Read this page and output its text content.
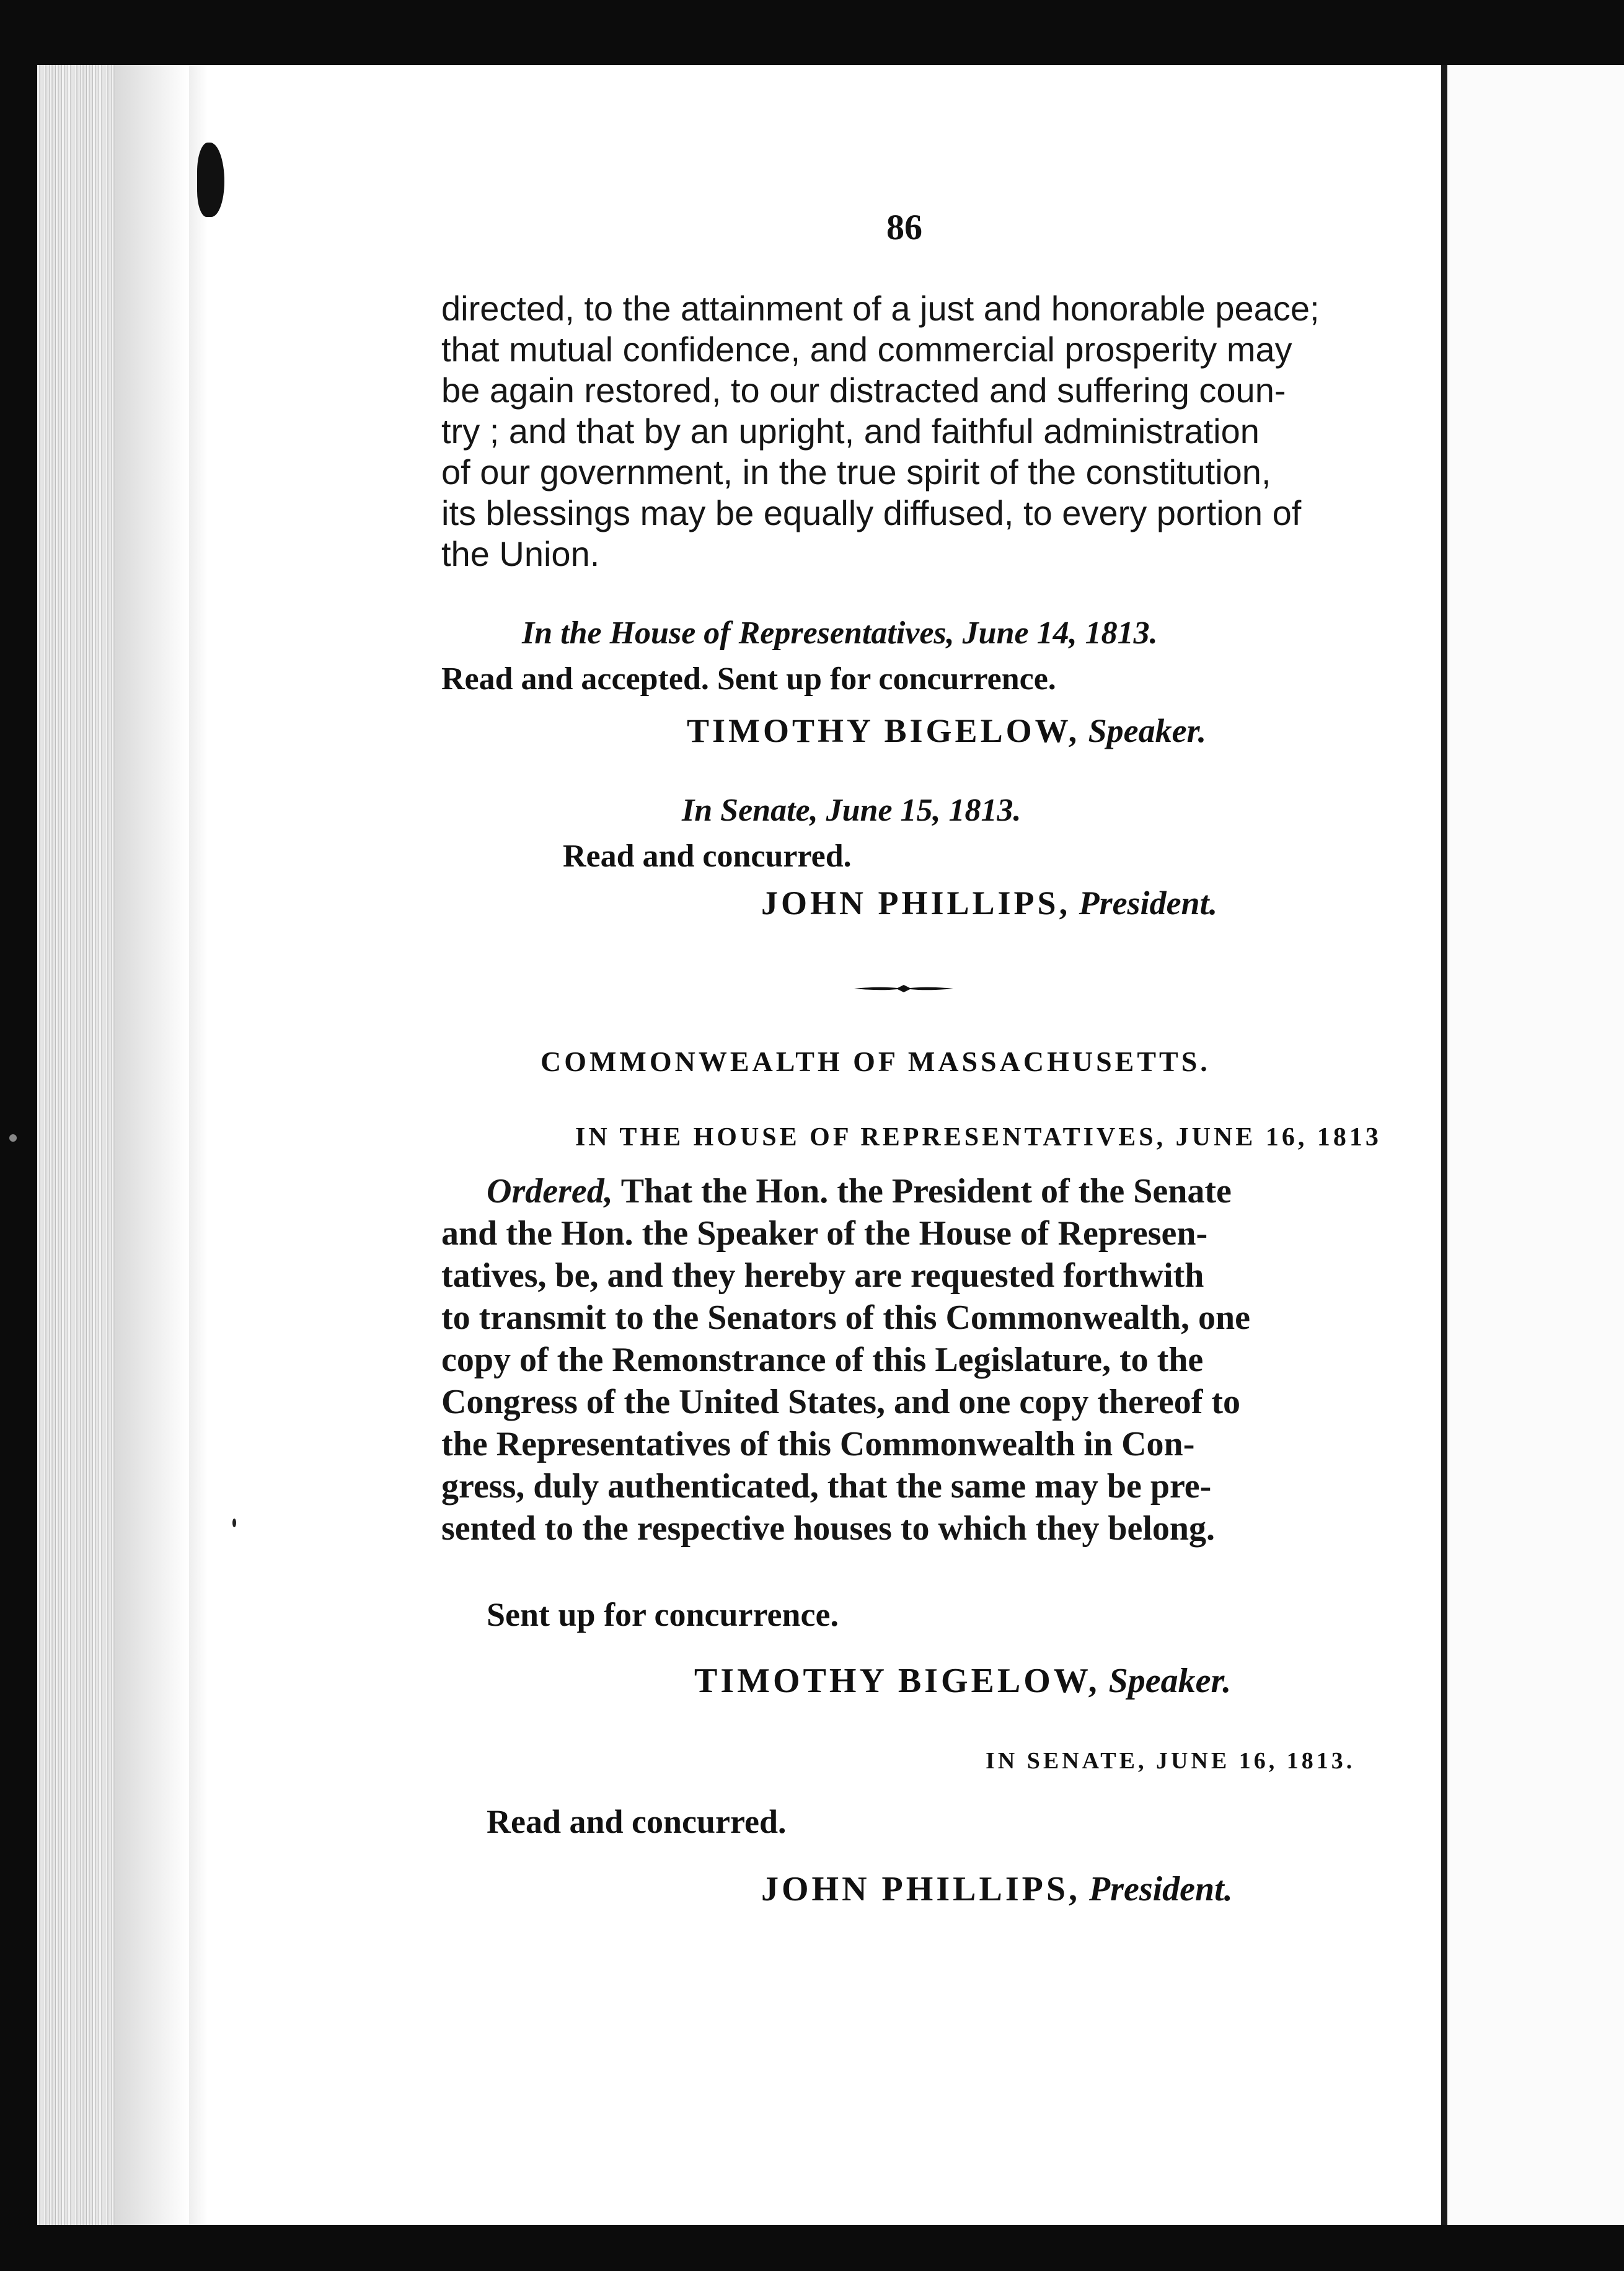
86

directed, to the attainment of a just and honorable peace;

that mutual confidence, and commercial prosperity may

be again restored, to our distracted and suffering coun-

try ; and that by an upright, and faithful administration

of our government, in the true spirit of the constitution,

its blessings may be equally diffused, to every portion of

the Union.

In the House of Representatives, June 14, 1813.

Read and accepted. Sent up for concurrence.

TIMOTHY BIGELOW, Speaker.

In Senate, June 15, 1813.

Read and concurred.

JOHN PHILLIPS, President.

COMMONWEALTH OF MASSACHUSETTS.

IN THE HOUSE OF REPRESENTATIVES, JUNE 16, 1813

Ordered, That the Hon. the President of the Senate

and the Hon. the Speaker of the House of Represen-

tatives, be, and they hereby are requested forthwith

to transmit to the Senators of this Commonwealth, one

copy of the Remonstrance of this Legislature, to the

Congress of the United States, and one copy thereof to

the Representatives of this Commonwealth in Con-

gress, duly authenticated, that the same may be pre-

sented to the respective houses to which they belong.

Sent up for concurrence.

TIMOTHY BIGELOW, Speaker.

IN SENATE, JUNE 16, 1813.

Read and concurred.

JOHN PHILLIPS, President.
